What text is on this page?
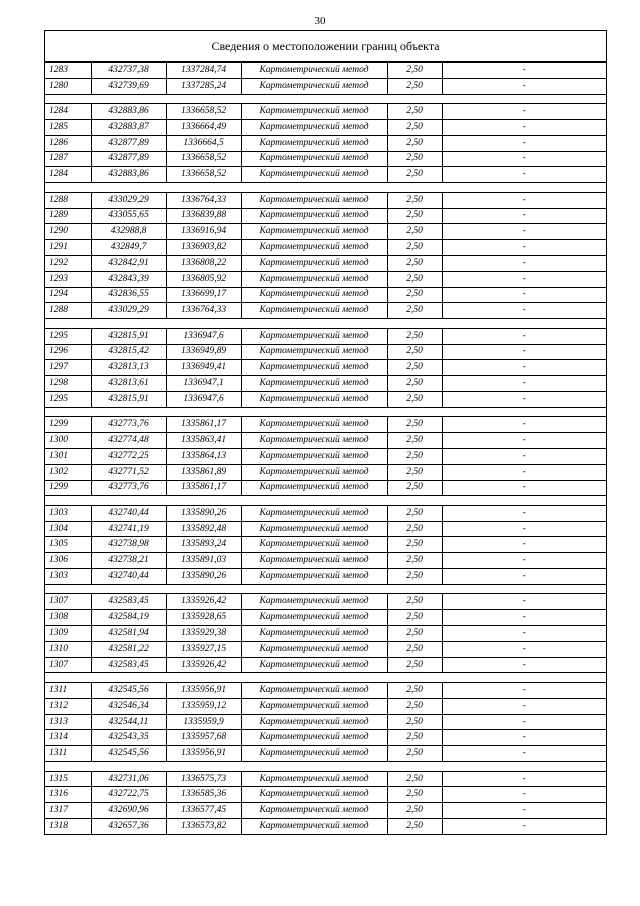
30
Сведения о местоположении границ объекта
1283	432737,38	1337284,74	Картометрический метод	2,50	-
1280	432739,69	1337285,24	Картометрический метод	2,50	-

1284	432883,86	1336658,52	Картометрический метод	2,50	-
1285	432883,87	1336664,49	Картометрический метод	2,50	-
1286	432877,89	1336664,5	Картометрический метод	2,50	-
1287	432877,89	1336658,52	Картометрический метод	2,50	-
1284	432883,86	1336658,52	Картометрический метод	2,50	-

1288	433029,29	1336764,33	Картометрический метод	2,50	-
1289	433055,65	1336839,88	Картометрический метод	2,50	-
1290	432988,8	1336916,94	Картометрический метод	2,50	-
1291	432849,7	1336903,82	Картометрический метод	2,50	-
1292	432842,91	1336808,22	Картометрический метод	2,50	-
1293	432843,39	1336805,92	Картометрический метод	2,50	-
1294	432836,55	1336699,17	Картометрический метод	2,50	-
1288	433029,29	1336764,33	Картометрический метод	2,50	-

1295	432815,91	1336947,6	Картометрический метод	2,50	-
1296	432815,42	1336949,89	Картометрический метод	2,50	-
1297	432813,13	1336949,41	Картометрический метод	2,50	-
1298	432813,61	1336947,1	Картометрический метод	2,50	-
1295	432815,91	1336947,6	Картометрический метод	2,50	-

1299	432773,76	1335861,17	Картометрический метод	2,50	-
1300	432774,48	1335863,41	Картометрический метод	2,50	-
1301	432772,25	1335864,13	Картометрический метод	2,50	-
1302	432771,52	1335861,89	Картометрический метод	2,50	-
1299	432773,76	1335861,17	Картометрический метод	2,50	-

1303	432740,44	1335890,26	Картометрический метод	2,50	-
1304	432741,19	1335892,48	Картометрический метод	2,50	-
1305	432738,98	1335893,24	Картометрический метод	2,50	-
1306	432738,21	1335891,03	Картометрический метод	2,50	-
1303	432740,44	1335890,26	Картометрический метод	2,50	-

1307	432583,45	1335926,42	Картометрический метод	2,50	-
1308	432584,19	1335928,65	Картометрический метод	2,50	-
1309	432581,94	1335929,38	Картометрический метод	2,50	-
1310	432581,22	1335927,15	Картометрический метод	2,50	-
1307	432583,45	1335926,42	Картометрический метод	2,50	-

1311	432545,56	1335956,91	Картометрический метод	2,50	-
1312	432546,34	1335959,12	Картометрический метод	2,50	-
1313	432544,11	1335959,9	Картометрический метод	2,50	-
1314	432543,35	1335957,68	Картометрический метод	2,50	-
1311	432545,56	1335956,91	Картометрический метод	2,50	-

1315	432731,06	1336575,73	Картометрический метод	2,50	-
1316	432722,75	1336585,36	Картометрический метод	2,50	-
1317	432690,96	1336577,45	Картометрический метод	2,50	-
1318	432657,36	1336573,82	Картометрический метод	2,50	-
